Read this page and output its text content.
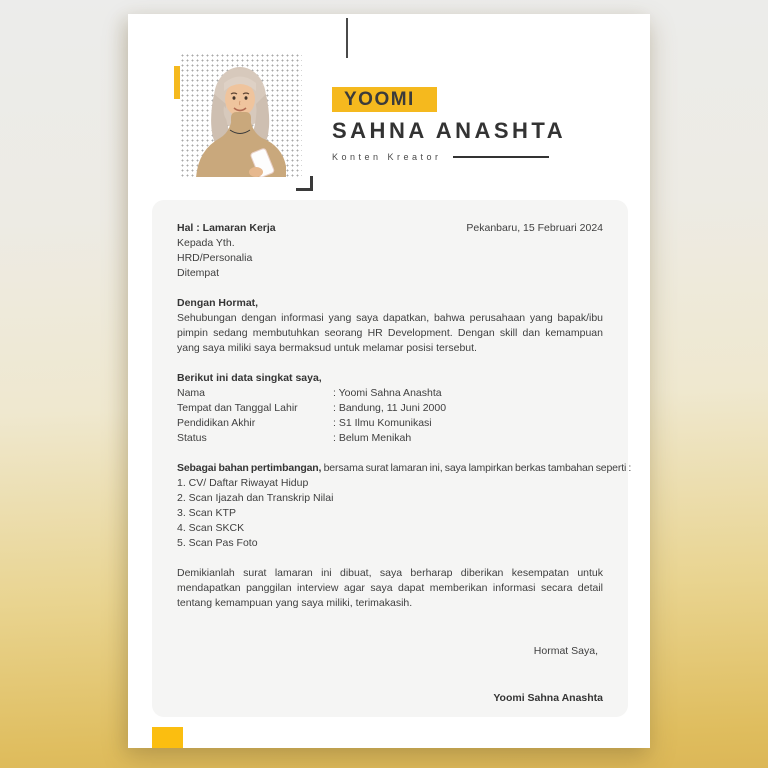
YOOMI
SAHNA ANASHTA
Konten Kreator
Hal : Lamaran Kerja	Pekanbaru, 15 Februari 2024
Kepada Yth.
HRD/Personalia
Ditempat
Dengan Hormat,
Sehubungan dengan informasi yang saya dapatkan, bahwa perusahaan yang bapak/ibu pimpin sedang membutuhkan seorang HR Development. Dengan skill dan kemampuan yang saya miliki saya bermaksud untuk melamar posisi tersebut.
Berikut ini data singkat saya,
Nama	: Yoomi Sahna Anashta
Tempat dan Tanggal Lahir	: Bandung, 11 Juni 2000
Pendidikan Akhir	: S1 Ilmu Komunikasi
Status	: Belum Menikah
Sebagai bahan pertimbangan, bersama surat lamaran ini, saya lampirkan berkas tambahan seperti :
1. CV/ Daftar Riwayat Hidup
2. Scan Ijazah dan Transkrip Nilai
3. Scan KTP
4. Scan SKCK
5. Scan Pas Foto
Demikianlah surat lamaran ini dibuat, saya berharap diberikan kesempatan untuk mendapatkan panggilan interview agar saya dapat memberikan informasi secara detail tentang kemampuan yang saya miliki, terimakasih.
Hormat Saya,
Yoomi Sahna Anashta
